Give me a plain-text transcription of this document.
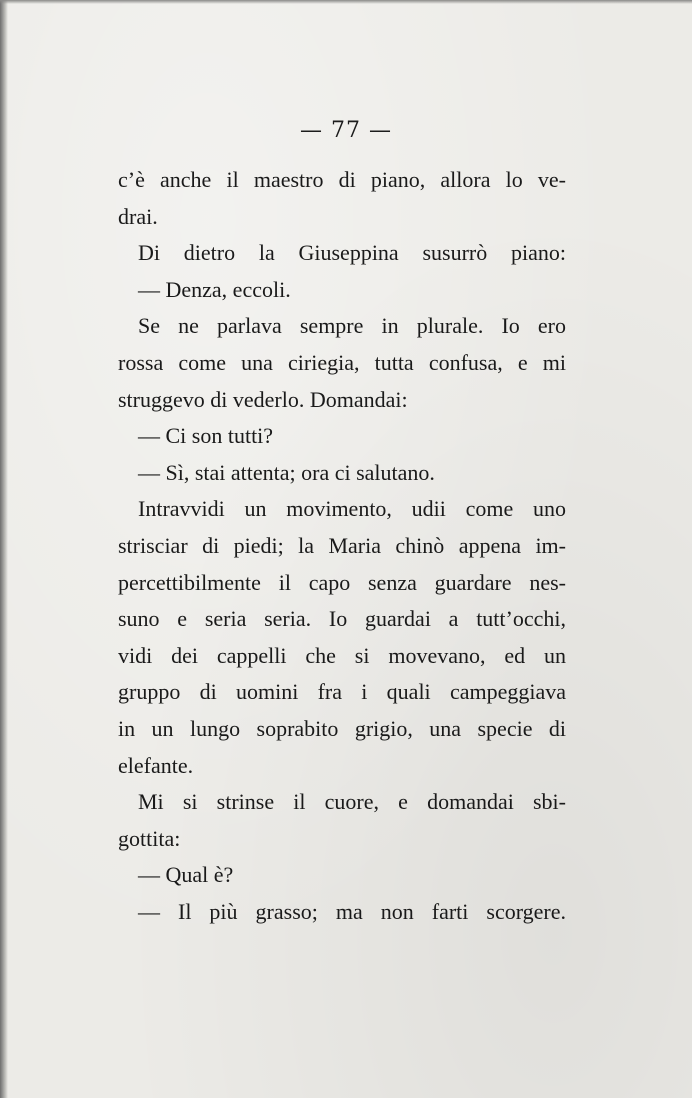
— 77 —
c’è anche il maestro di piano, allora lo ve-
drai.
Di dietro la Giuseppina susurrò piano:
— Denza, eccoli.
Se ne parlava sempre in plurale. Io ero
rossa come una ciriegia, tutta confusa, e mi
struggevo di vederlo. Domandai:
— Ci son tutti?
— Sì, stai attenta; ora ci salutano.
Intravvidi un movimento, udii come uno
strisciar di piedi; la Maria chinò appena im-
percettibilmente il capo senza guardare nes-
suno e seria seria. Io guardai a tutt’occhi,
vidi dei cappelli che si movevano, ed un
gruppo di uomini fra i quali campeggiava
in un lungo soprabito grigio, una specie di
elefante.
Mi si strinse il cuore, e domandai sbi-
gottita:
— Qual è?
— Il più grasso; ma non farti scorgere.
